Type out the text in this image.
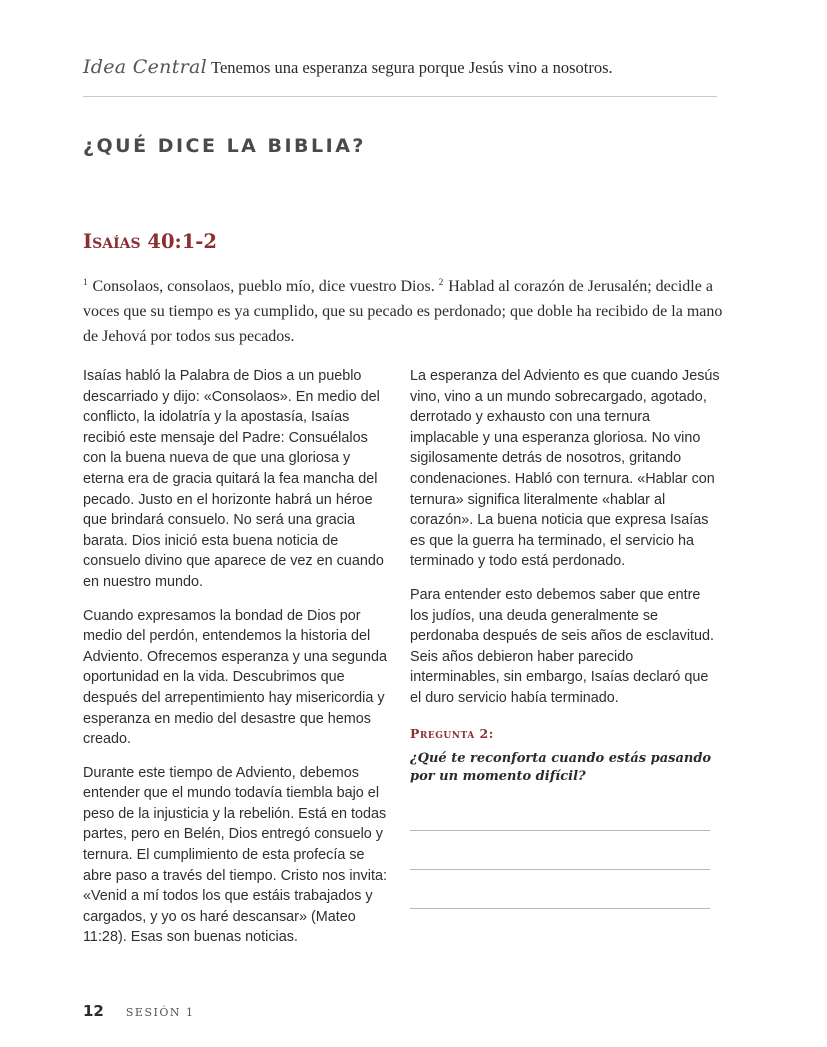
Idea Central Tenemos una esperanza segura porque Jesús vino a nosotros.
¿QUÉ DICE LA BIBLIA?
Isaías 40:1-2

$^1$ Consolaos, consolaos, pueblo mío, dice vuestro Dios. $^2$ Hablad al corazón de Jerusalén; decidle a voces que su tiempo es ya cumplido, que su pecado es perdonado; que doble ha recibido de la mano de Jehová por todos sus pecados.

Isaías habló la Palabra de Dios a un pueblo descarriado y dijo: «Consolaos». En medio del conflicto, la idolatría y la apostasía, Isaías recibió este mensaje del Padre: Consuélalos con la buena nueva de que una gloriosa y eterna era de gracia quitará la fea mancha del pecado. Justo en el horizonte habrá un héroe que brindará consuelo. No será una gracia barata. Dios inició esta buena noticia de consuelo divino que aparece de vez en cuando en nuestro mundo.

Cuando expresamos la bondad de Dios por medio del perdón, entendemos la historia del Adviento. Ofrecemos esperanza y una segunda oportunidad en la vida. Descubrimos que después del arrepentimiento hay misericordia y esperanza en medio del desastre que hemos creado.

Durante este tiempo de Adviento, debemos entender que el mundo todavía tiembla bajo el peso de la injusticia y la rebelión. Está en todas partes, pero en Belén, Dios entregó consuelo y ternura. El cumplimiento de esta profecía se abre paso a través del tiempo. Cristo nos invita: «Venid a mí todos los que estáis trabajados y cargados, y yo os haré descansar» (Mateo 11:28). Esas son buenas noticias.

La esperanza del Adviento es que cuando Jesús vino, vino a un mundo sobrecargado, agotado, derrotado y exhausto con una ternura implacable y una esperanza gloriosa. No vino sigilosamente detrás de nosotros, gritando condenaciones. Habló con ternura. «Hablar con ternura» significa literalmente «hablar al corazón». La buena noticia que expresa Isaías es que la guerra ha terminado, el servicio ha terminado y todo está perdonado.

Para entender esto debemos saber que entre los judíos, una deuda generalmente se perdonaba después de seis años de esclavitud. Seis años debieron haber parecido interminables, sin embargo, Isaías declaró que el duro servicio había terminado.

Pregunta 2:

¿Qué te reconforta cuando estás pasando por un momento difícil?

12 SESIÓN 1
